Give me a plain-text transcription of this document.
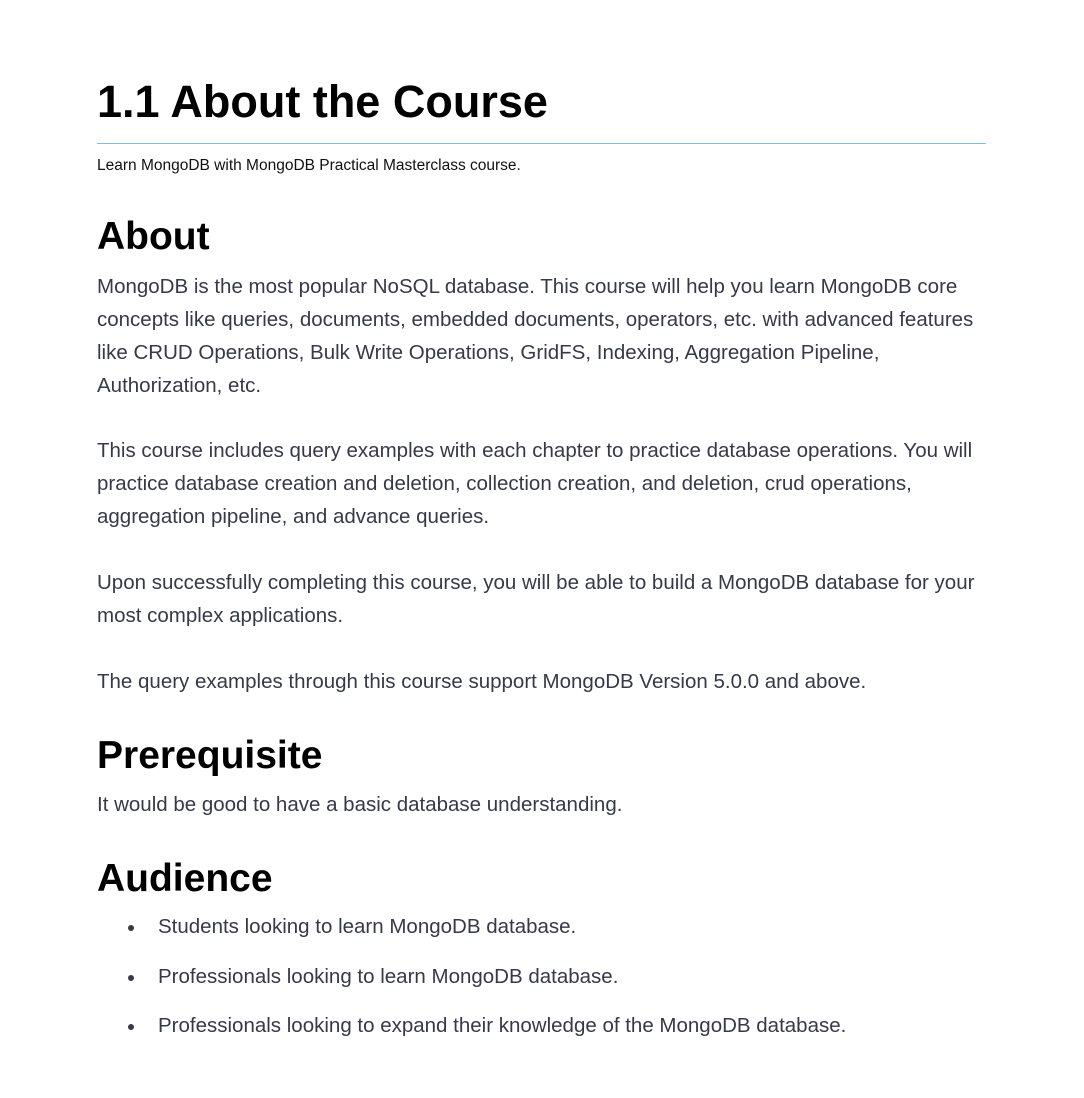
1.1 About the Course
Learn MongoDB with MongoDB Practical Masterclass course.
About

MongoDB is the most popular NoSQL database. This course will help you learn MongoDB core concepts like queries, documents, embedded documents, operators, etc. with advanced features like CRUD Operations, Bulk Write Operations, GridFS, Indexing, Aggregation Pipeline, Authorization, etc.

This course includes query examples with each chapter to practice database operations. You will practice database creation and deletion, collection creation, and deletion, crud operations, aggregation pipeline, and advance queries.

Upon successfully completing this course, you will be able to build a MongoDB database for your most complex applications.

The query examples through this course support MongoDB Version 5.0.0 and above.

Prerequisite

It would be good to have a basic database understanding.

Audience
Students looking to learn MongoDB database.
Professionals looking to learn MongoDB database.
Professionals looking to expand their knowledge of the MongoDB database.
